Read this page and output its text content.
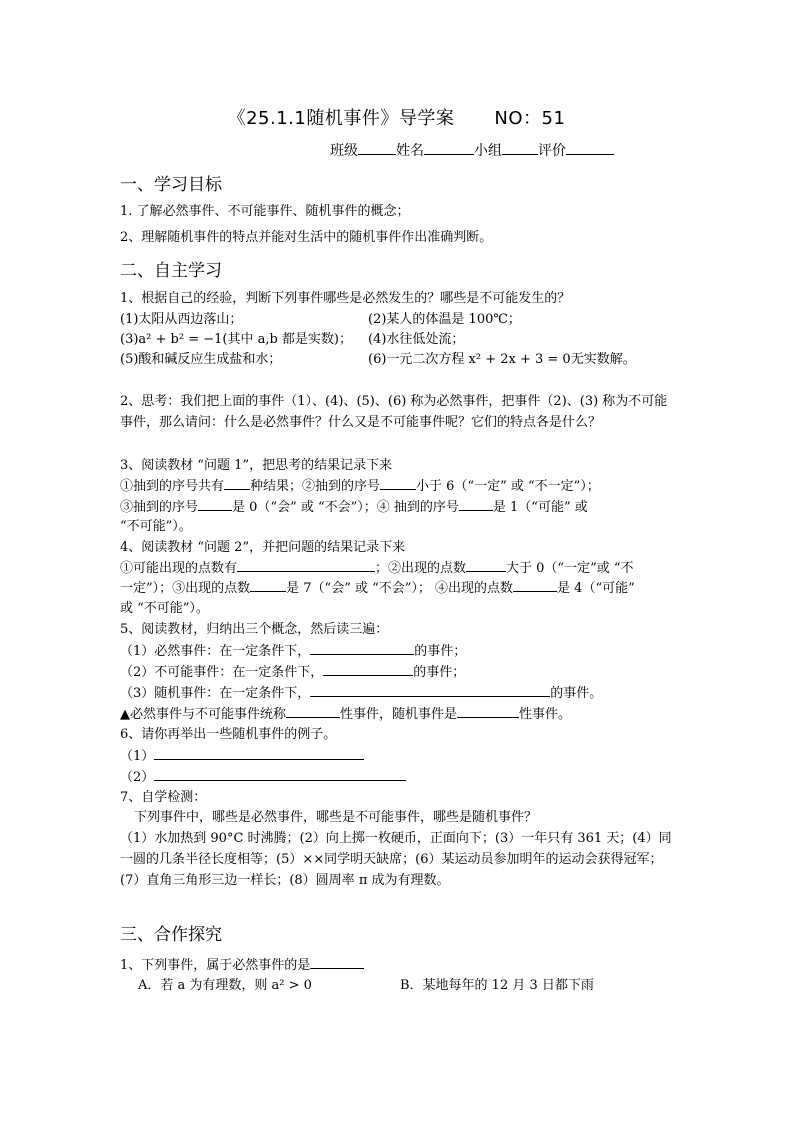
《25.1.1随机事件》导学案 NO：51
班级	姓名	小组	评价
一、学习目标
1. 了解必然事件、不可能事件、随机事件的概念；
2、理解随机事件的特点并能对生活中的随机事件作出准确判断。
二、自主学习
1、根据自己的经验，判断下列事件哪些是必然发生的？哪些是不可能发生的？
(1)太阳从西边落山；	(2)某人的体温是 100℃；
(3)a² + b² = −1(其中 a,b 都是实数)； (4)水往低处流；
(5)酸和碱反应生成盐和水；	(6)一元二次方程 x² + 2x + 3 = 0无实数解。
2、思考：我们把上面的事件（1）、(4)、(5)、(6) 称为必然事件，把事件（2)、(3) 称为不可能事件，那么请问：什么是必然事件？什么又是不可能事件呢？它们的特点各是什么？
3、阅读教材 “问题 1”，把思考的结果记录下来
①抽到的序号共有 种结果；②抽到的序号	小于 6（“一定” 或 “不一定”）；
③抽到的序号	是 0（“会” 或 “不会”）；④ 抽到的序号	是 1（“可能” 或
“不可能”）。
4、阅读教材 “问题 2”，并把问题的结果记录下来
①可能出现的点数有	；②出现的点数	大于 0（“一定”或 “不
一定”）；③出现的点数	是 7（“会” 或 “不会”）； ④出现的点数	是 4（“可能”
或 “不可能”）。
5、阅读教材，归纳出三个概念，然后读三遍：
（1）必然事件：在一定条件下，	的事件；
（2）不可能事件：在一定条件下，	的事件；
（3）随机事件：在一定条件下，	的事件。
▲必然事件与不可能事件统称	性事件，随机事件是	性事件。
6、请你再举出一些随机事件的例子。
（1）
（2）
7、自学检测：
下列事件中，哪些是必然事件，哪些是不可能事件，哪些是随机事件？
（1）水加热到 90°C 时沸腾；(2）向上掷一枚硬币，正面向下；(3）一年只有 361 天；(4）同一圆的几条半径长度相等；(5）××同学明天缺席；(6）某运动员参加明年的运动会获得冠军；(7）直角三角形三边一样长；(8）圆周率 π 成为有理数。
三、合作探究
1、下列事件，属于必然事件的是
A．若 a 为有理数，则 a² > 0	B．某地每年的 12 月 3 日都下雨
